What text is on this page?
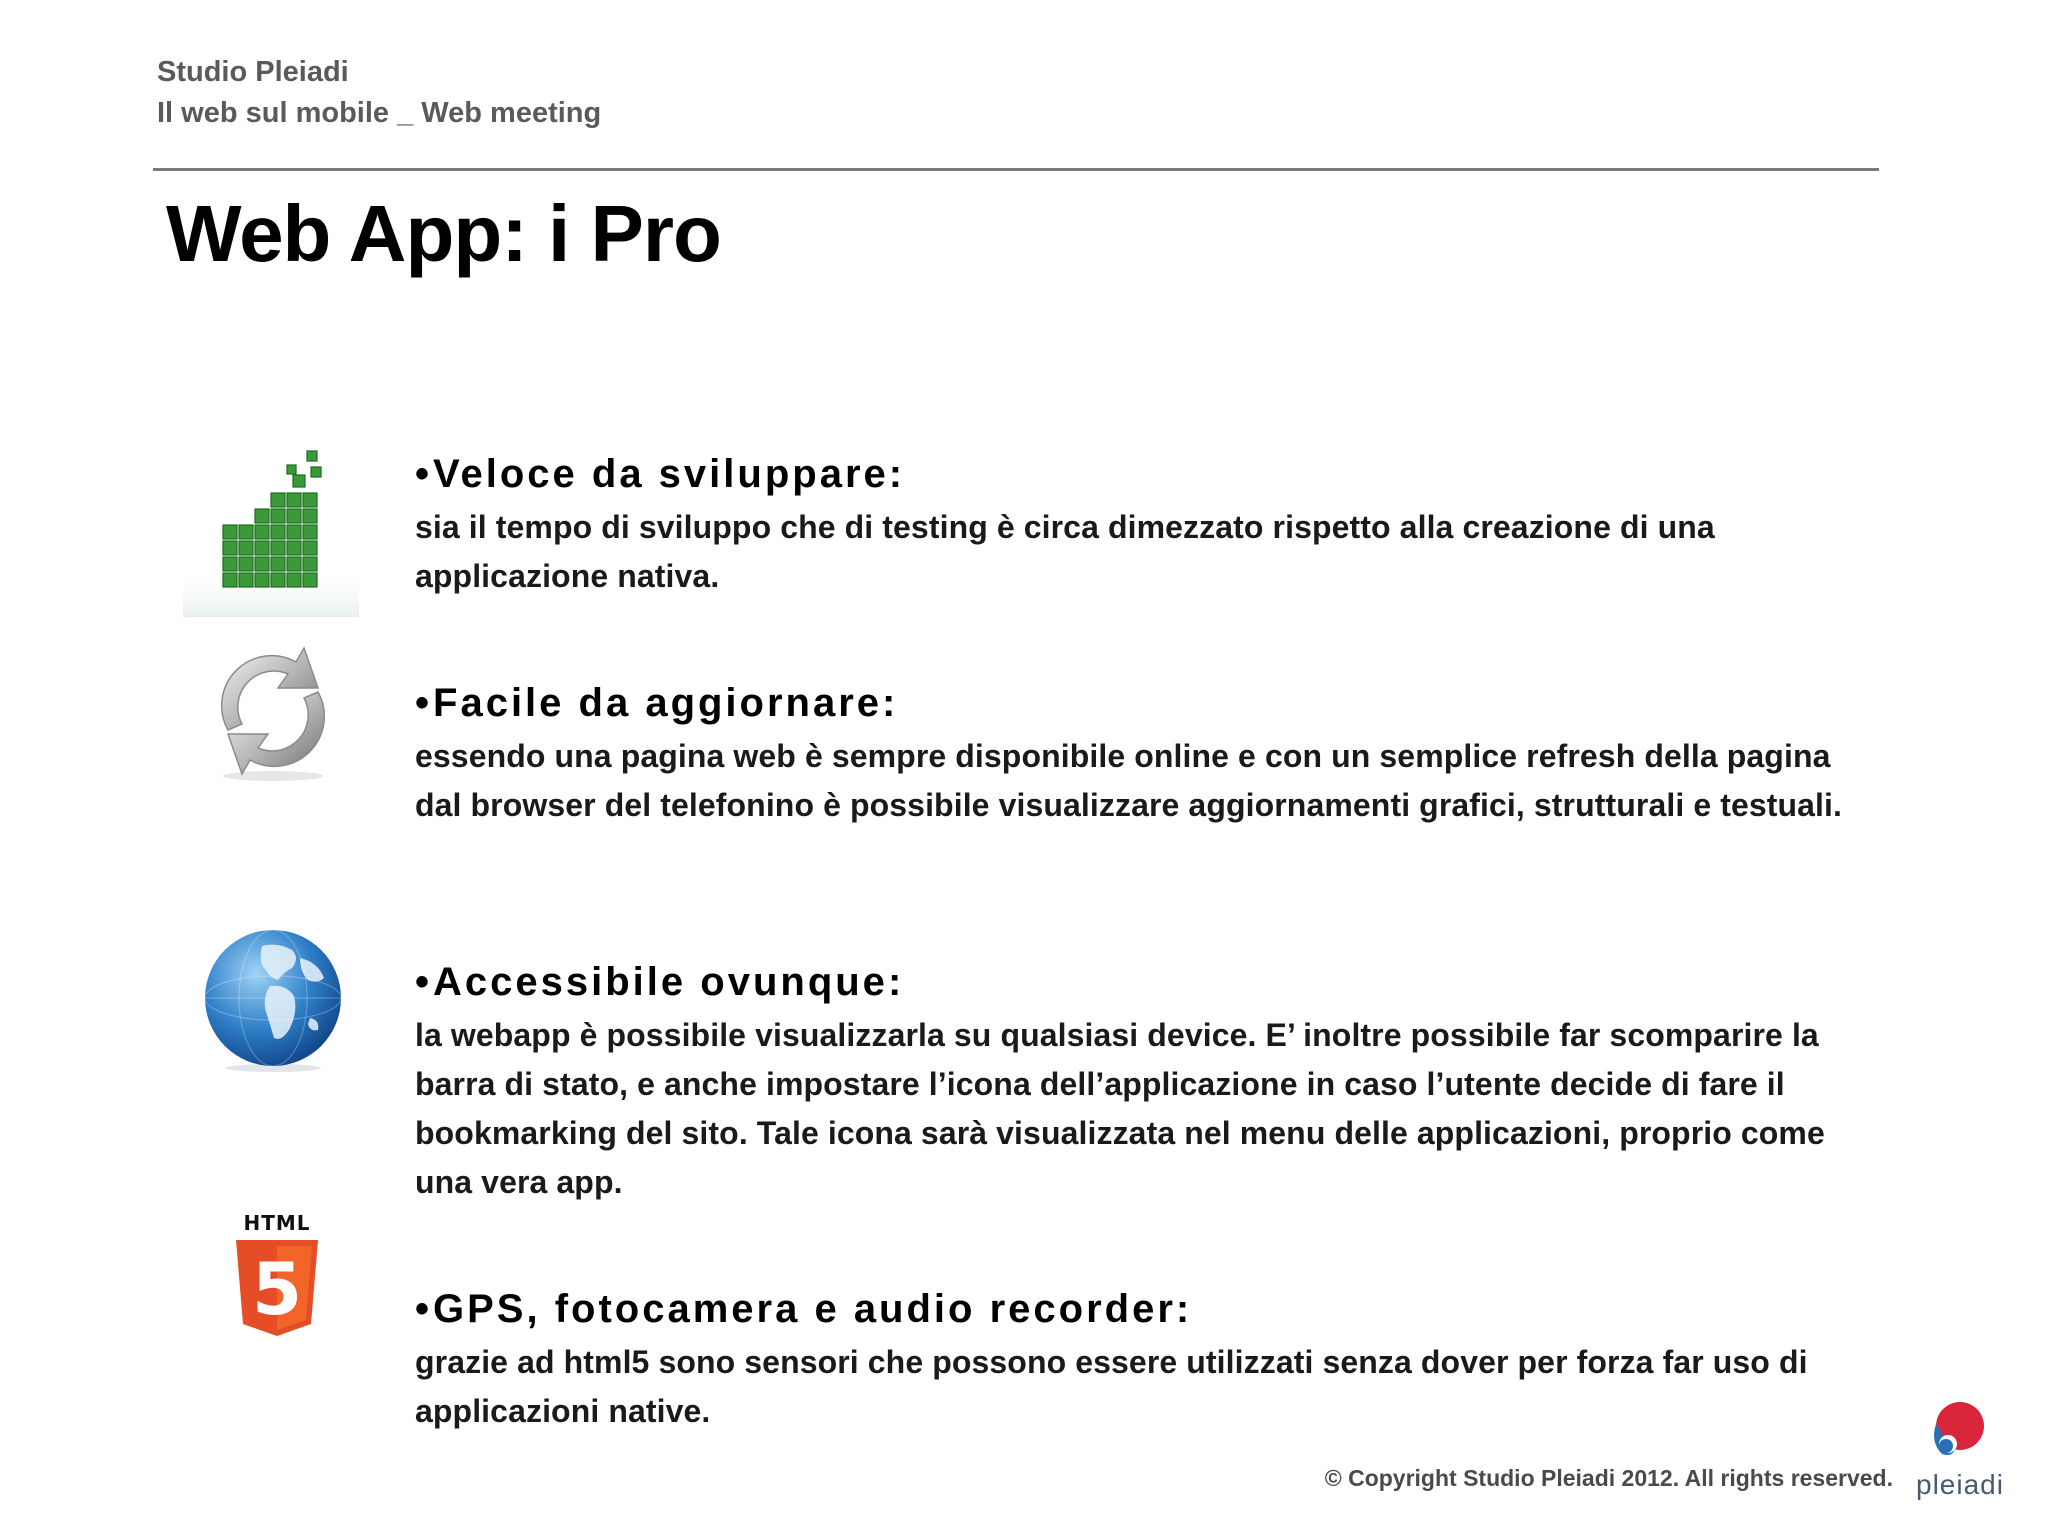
Studio Pleiadi
Il web sul mobile _ Web meeting
Web App: i Pro
• Veloce da sviluppare:
sia il tempo di sviluppo che di testing è circa dimezzato rispetto alla creazione di una applicazione nativa.
• Facile da aggiornare:
essendo una pagina web è sempre disponibile online e con un semplice refresh della pagina dal browser del telefonino è possibile visualizzare aggiornamenti grafici, strutturali e testuali.
• Accessibile ovunque:
la webapp è possibile visualizzarla su qualsiasi device. E’ inoltre possibile far scomparire la barra di stato, e anche impostare l’icona dell’applicazione in caso l’utente decide di fare il bookmarking del sito. Tale icona sarà visualizzata nel menu delle applicazioni, proprio come una vera app.
HTML
5	• GPS, fotocamera e audio recorder:
grazie ad html5 sono sensori che possono essere utilizzati senza dover per forza far uso di applicazioni native.
© Copyright Studio Pleiadi 2012. All rights reserved. pleiadi
